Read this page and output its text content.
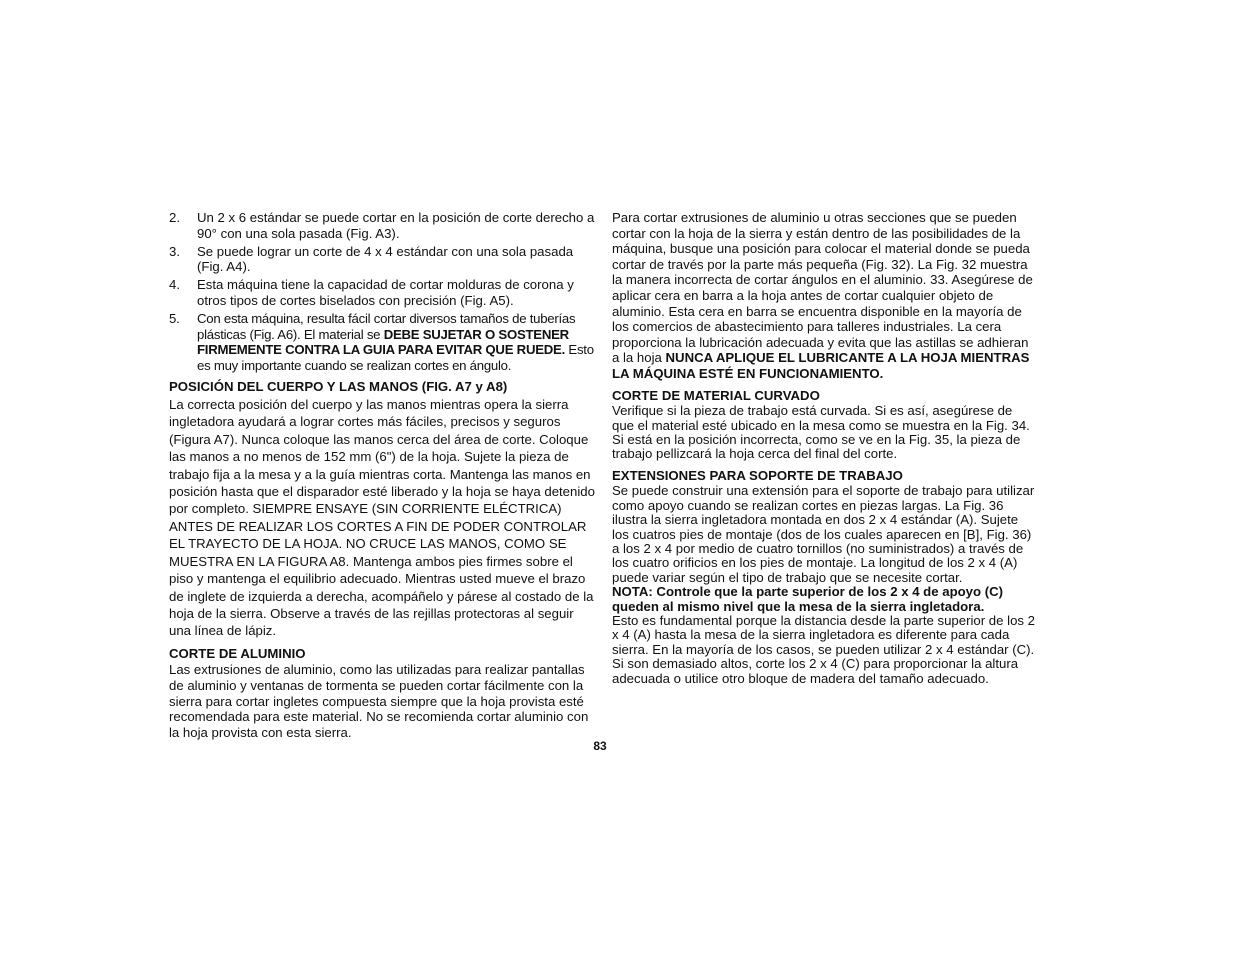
2. Un 2 x 6 estándar se puede cortar en la posición de corte derecho a 90° con una sola pasada (Fig. A3).
3. Se puede lograr un corte de 4 x 4 estándar con una sola pasada (Fig. A4).
4. Esta máquina tiene la capacidad de cortar molduras de corona y otros tipos de cortes biselados con precisión (Fig. A5).
5. Con esta máquina, resulta fácil cortar diversos tamaños de tuberías plásticas (Fig. A6). El material se DEBE SUJETAR O SOSTENER FIRMEMENTE CONTRA LA GUIA PARA EVITAR QUE RUEDE. Esto es muy importante cuando se realizan cortes en ángulo.
POSICIÓN DEL CUERPO Y LAS MANOS (FIG. A7 y A8)

La correcta posición del cuerpo y las manos mientras opera la sierra ingletadora ayudará a lograr cortes más fáciles, precisos y seguros (Figura A7). Nunca coloque las manos cerca del área de corte. Coloque las manos a no menos de 152 mm (6") de la hoja. Sujete la pieza de trabajo fija a la mesa y a la guía mientras corta. Mantenga las manos en posición hasta que el disparador esté liberado y la hoja se haya detenido por completo. SIEMPRE ENSAYE (SIN CORRIENTE ELÉCTRICA) ANTES DE REALIZAR LOS CORTES A FIN DE PODER CONTROLAR EL TRAYECTO DE LA HOJA. NO CRUCE LAS MANOS, COMO SE MUESTRA EN LA FIGURA A8. Mantenga ambos pies firmes sobre el piso y mantenga el equilibrio adecuado. Mientras usted mueve el brazo de inglete de izquierda a derecha, acompáñelo y párese al costado de la hoja de la sierra. Observe a través de las rejillas protectoras al seguir una línea de lápiz.

CORTE DE ALUMINIO

Las extrusiones de aluminio, como las utilizadas para realizar pantallas de aluminio y ventanas de tormenta se pueden cortar fácilmente con la sierra para cortar ingletes compuesta siempre que la hoja provista esté recomendada para este material. No se recomienda cortar aluminio con la hoja provista con esta sierra.

Para cortar extrusiones de aluminio u otras secciones que se pueden cortar con la hoja de la sierra y están dentro de las posibilidades de la máquina, busque una posición para colocar el material donde se pueda cortar de través por la parte más pequeña (Fig. 32). La Fig. 32 muestra la manera incorrecta de cortar ángulos en el aluminio. 33. Asegúrese de aplicar cera en barra a la hoja antes de cortar cualquier objeto de aluminio. Esta cera en barra se encuentra disponible en la mayoría de los comercios de abastecimiento para talleres industriales. La cera proporciona la lubricación adecuada y evita que las astillas se adhieran a la hoja NUNCA APLIQUE EL LUBRICANTE A LA HOJA MIENTRAS LA MÁQUINA ESTÉ EN FUNCIONAMIENTO.

CORTE DE MATERIAL CURVADO

Verifique si la pieza de trabajo está curvada. Si es así, asegúrese de que el material esté ubicado en la mesa como se muestra en la Fig. 34. Si está en la posición incorrecta, como se ve en la Fig. 35, la pieza de trabajo pellizcará la hoja cerca del final del corte.

EXTENSIONES PARA SOPORTE DE TRABAJO

Se puede construir una extensión para el soporte de trabajo para utilizar como apoyo cuando se realizan cortes en piezas largas. La Fig. 36 ilustra la sierra ingletadora montada en dos 2 x 4 estándar (A). Sujete los cuatros pies de montaje (dos de los cuales aparecen en [B], Fig. 36) a los 2 x 4 por medio de cuatro tornillos (no suministrados) a través de los cuatro orificios en los pies de montaje. La longitud de los 2 x 4 (A) puede variar según el tipo de trabajo que se necesite cortar.

NOTA: Controle que la parte superior de los 2 x 4 de apoyo (C) queden al mismo nivel que la mesa de la sierra ingletadora.

Esto es fundamental porque la distancia desde la parte superior de los 2 x 4 (A) hasta la mesa de la sierra ingletadora es diferente para cada sierra. En la mayoría de los casos, se pueden utilizar 2 x 4 estándar (C). Si son demasiado altos, corte los 2 x 4 (C) para proporcionar la altura adecuada o utilice otro bloque de madera del tamaño adecuado.

83
